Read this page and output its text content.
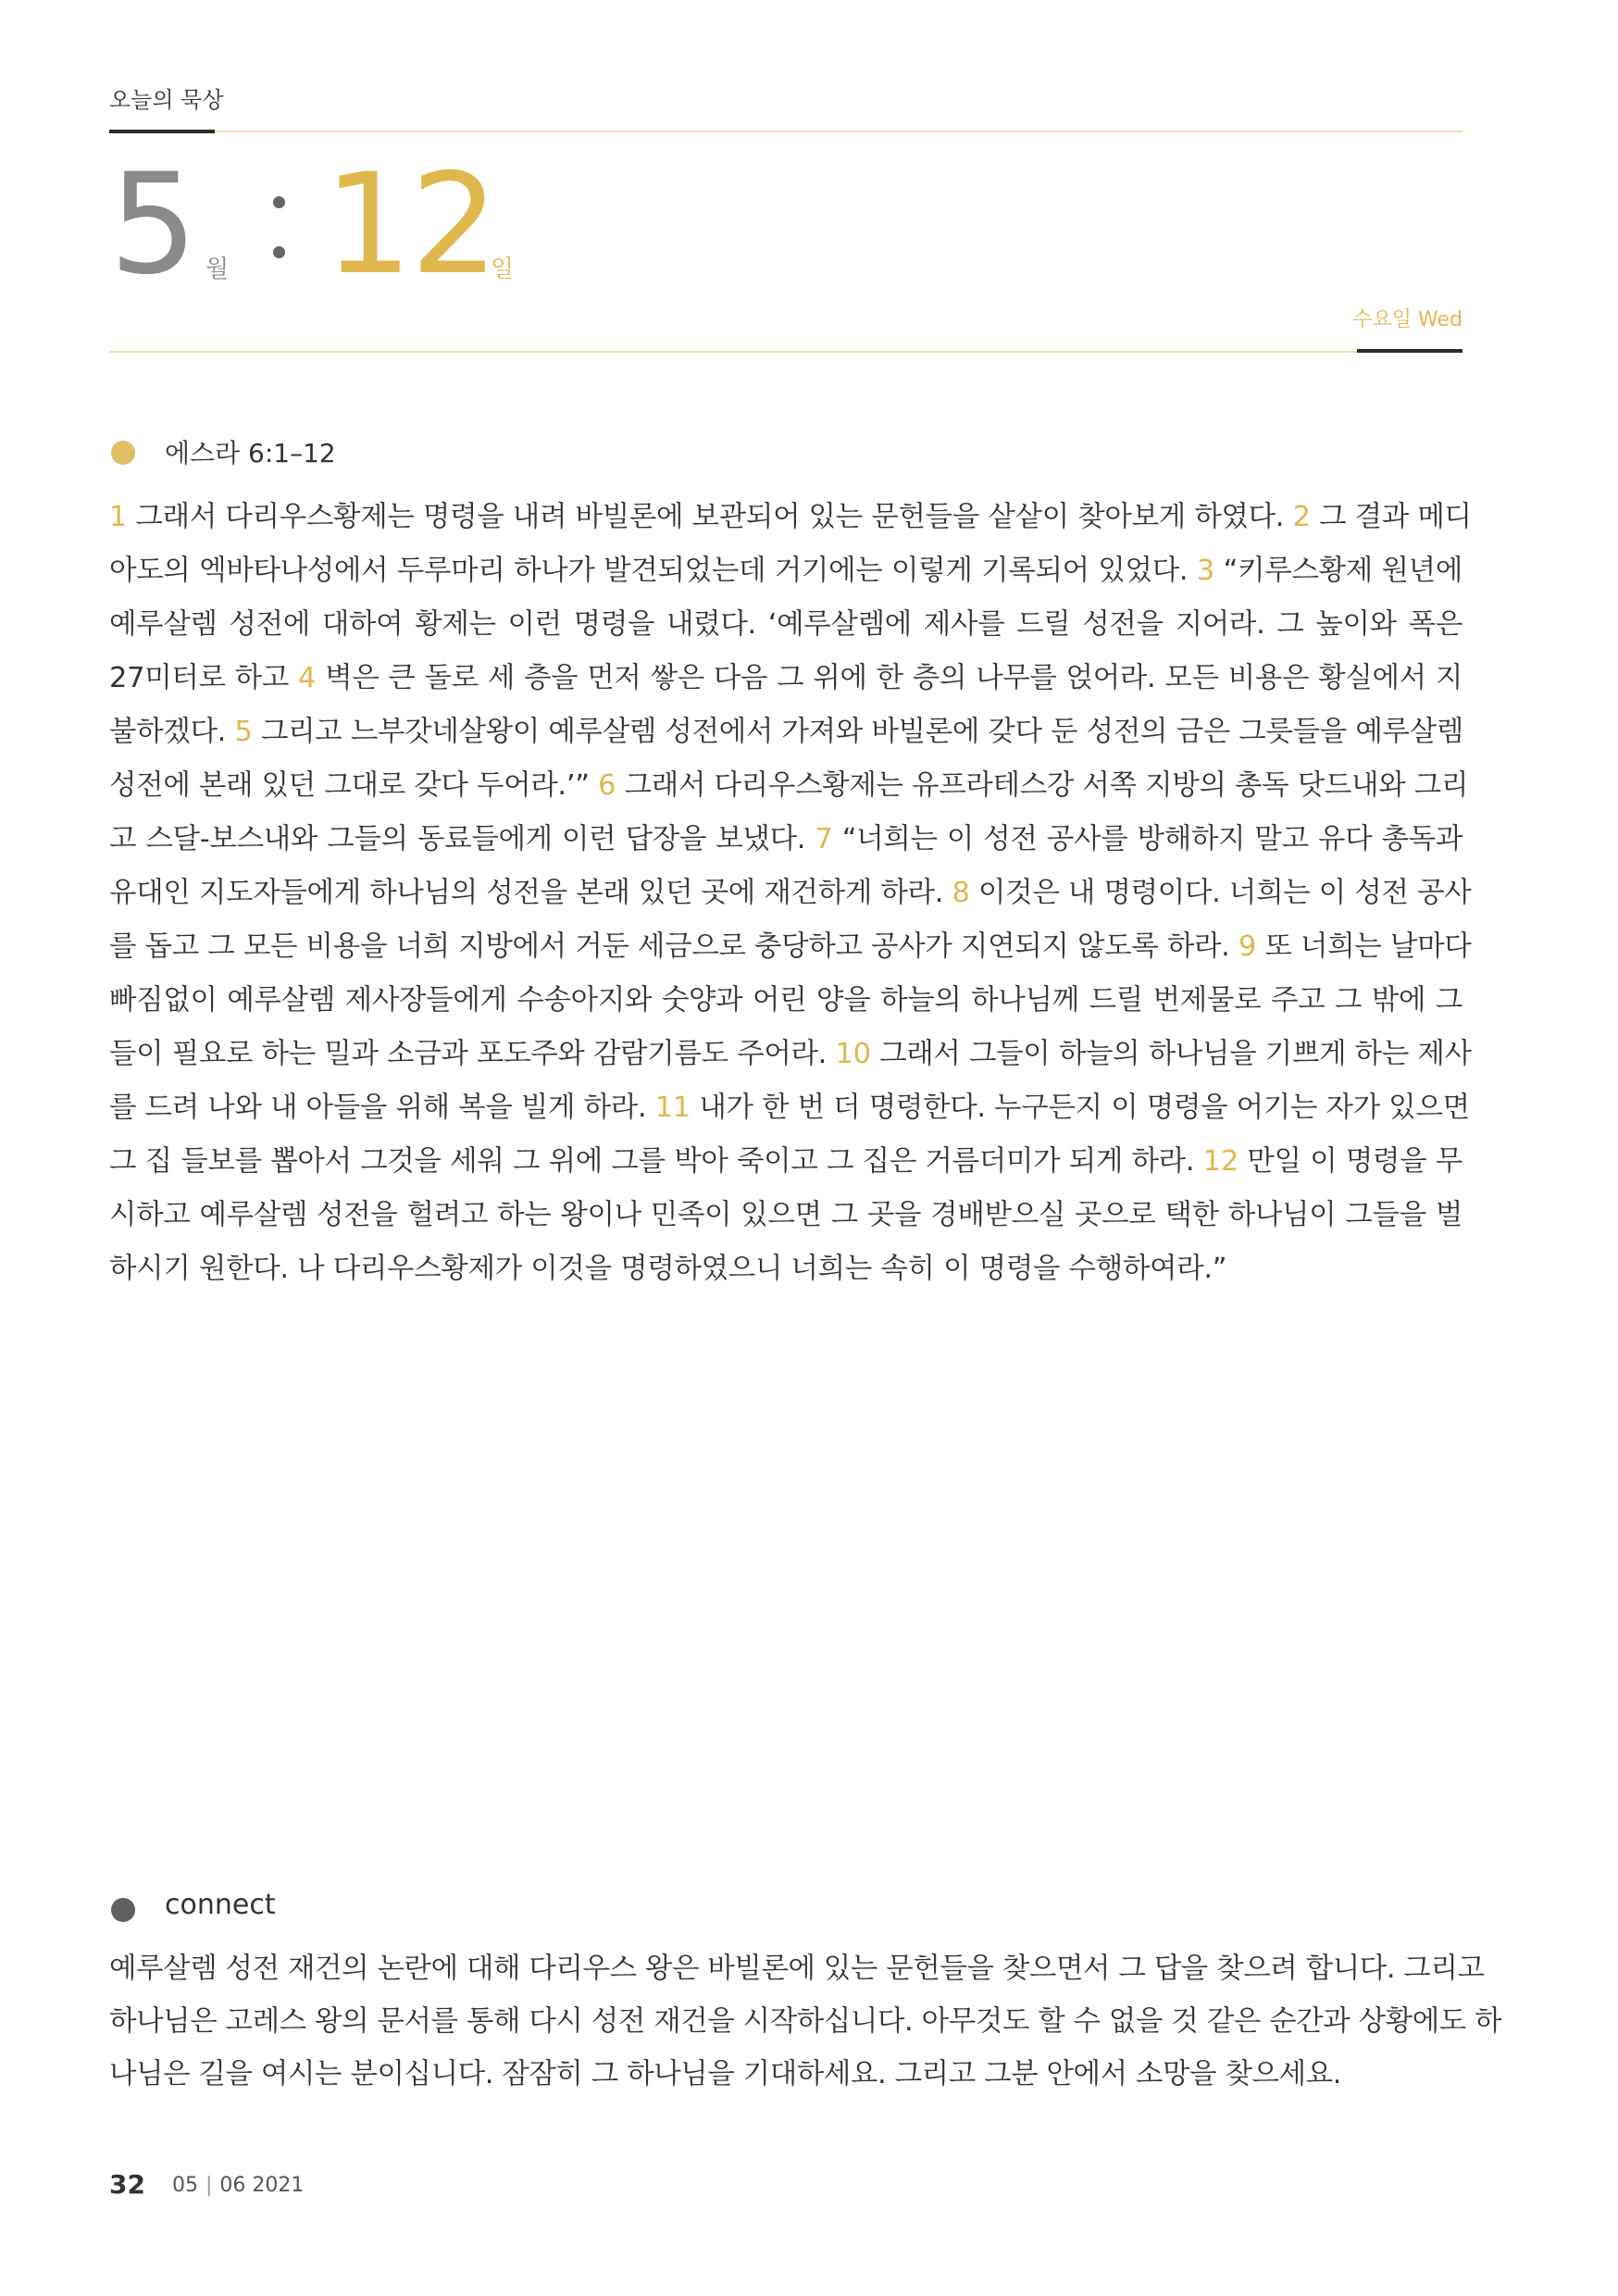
오늘의 묵상
5 월 12
일
수요일 Wed
에스라 6:1–12
1 그래서 다리우스황제는 명령을 내려 바빌론에 보관되어 있는 문헌들을 샅샅이 찾아보게 하였다. 2 그 결과 메디
아도의 엑바타나성에서 두루마리 하나가 발견되었는데 거기에는 이렇게 기록되어 있었다. 3 “키루스황제 원년에
예루살렘 성전에 대하여 황제는 이런 명령을 내렸다. ‘예루살렘에 제사를 드릴 성전을 지어라. 그 높이와 폭은
27미터로 하고 4 벽은 큰 돌로 세 층을 먼저 쌓은 다음 그 위에 한 층의 나무를 얹어라. 모든 비용은 황실에서 지
불하겠다. 5 그리고 느부갓네살왕이 예루살렘 성전에서 가져와 바빌론에 갖다 둔 성전의 금은 그릇들을 예루살렘
성전에 본래 있던 그대로 갖다 두어라.’” 6 그래서 다리우스황제는 유프라테스강 서쪽 지방의 총독 닷드내와 그리
고 스달-보스내와 그들의 동료들에게 이런 답장을 보냈다. 7 “너희는 이 성전 공사를 방해하지 말고 유다 총독과
유대인 지도자들에게 하나님의 성전을 본래 있던 곳에 재건하게 하라. 8 이것은 내 명령이다. 너희는 이 성전 공사
를 돕고 그 모든 비용을 너희 지방에서 거둔 세금으로 충당하고 공사가 지연되지 않도록 하라. 9 또 너희는 날마다
빠짐없이 예루살렘 제사장들에게 수송아지와 숫양과 어린 양을 하늘의 하나님께 드릴 번제물로 주고 그 밖에 그
들이 필요로 하는 밀과 소금과 포도주와 감람기름도 주어라. 10 그래서 그들이 하늘의 하나님을 기쁘게 하는 제사
를 드려 나와 내 아들을 위해 복을 빌게 하라. 11 내가 한 번 더 명령한다. 누구든지 이 명령을 어기는 자가 있으면
그 집 들보를 뽑아서 그것을 세워 그 위에 그를 박아 죽이고 그 집은 거름더미가 되게 하라. 12 만일 이 명령을 무
시하고 예루살렘 성전을 헐려고 하는 왕이나 민족이 있으면 그 곳을 경배받으실 곳으로 택한 하나님이 그들을 벌
하시기 원한다. 나 다리우스황제가 이것을 명령하였으니 너희는 속히 이 명령을 수행하여라.”
connect
예루살렘 성전 재건의 논란에 대해 다리우스 왕은 바빌론에 있는 문헌들을 찾으면서 그 답을 찾으려 합니다. 그리고
하나님은 고레스 왕의 문서를 통해 다시 성전 재건을 시작하십니다. 아무것도 할 수 없을 것 같은 순간과 상황에도 하
나님은 길을 여시는 분이십니다. 잠잠히 그 하나님을 기대하세요. 그리고 그분 안에서 소망을 찾으세요.
32 05 | 06 2021
